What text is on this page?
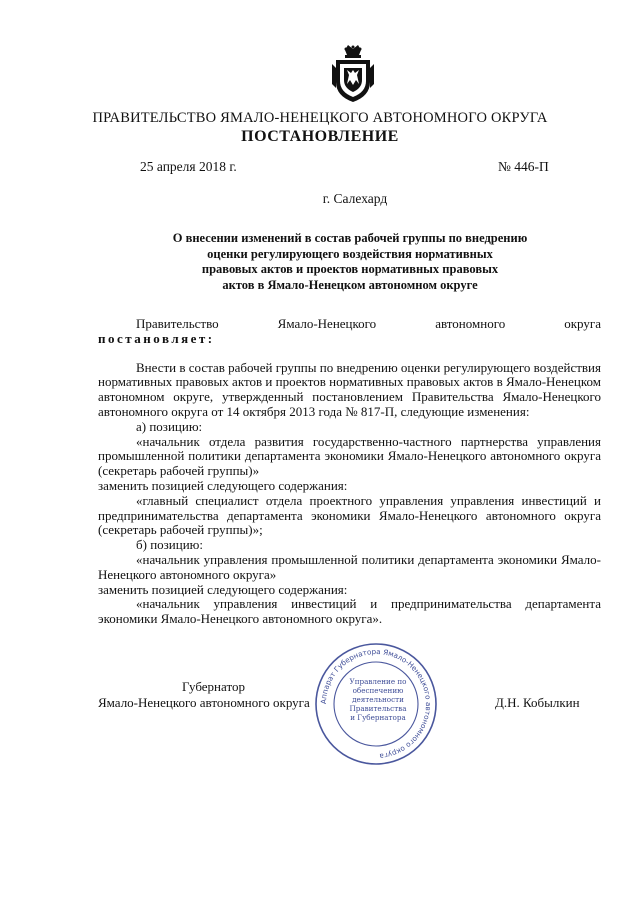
ПРАВИТЕЛЬСТВО ЯМАЛО-НЕНЕЦКОГО АВТОНОМНОГО ОКРУГА
ПОСТАНОВЛЕНИЕ
25 апреля 2018 г.	№ 446-П
г. Салехард
О внесении изменений в состав рабочей группы по внедрению
оценки регулирующего воздействия нормативных
правовых актов и проектов нормативных правовых
актов в Ямало-Ненецком автономном округе
Правительство	Ямало-Ненецкого	автономного	округа

постановляет:

Внести в состав рабочей группы по внедрению оценки регулирующего воздействия нормативных правовых актов и проектов нормативных правовых актов в Ямало-Ненецком автономном округе, утвержденный постановлением Правительства Ямало-Ненецкого автономного округа от 14 октября 2013 года № 817-П, следующие изменения:

а) позицию:

«начальник отдела развития государственно-частного партнерства управления промышленной политики департамента экономики Ямало-Ненецкого автономного округа (секретарь рабочей группы)»

заменить позицией следующего содержания:

«главный специалист отдела проектного управления управления инвестиций и предпринимательства департамента экономики Ямало-Ненецкого автономного округа (секретарь рабочей группы)»;

б) позицию:

«начальник управления промышленной политики департамента экономики Ямало-Ненецкого автономного округа»

заменить позицией следующего содержания:

«начальник управления инвестиций и предпринимательства департамента экономики Ямало-Ненецкого автономного округа».

Губернатор
Ямало-Ненецкого автономного округа	Д.Н. Кобылкин
Аппарат Губернатора Ямало-Ненецкого автономного округа
Управление по
обеспечению
деятельности
Правительства
и Губернатора
